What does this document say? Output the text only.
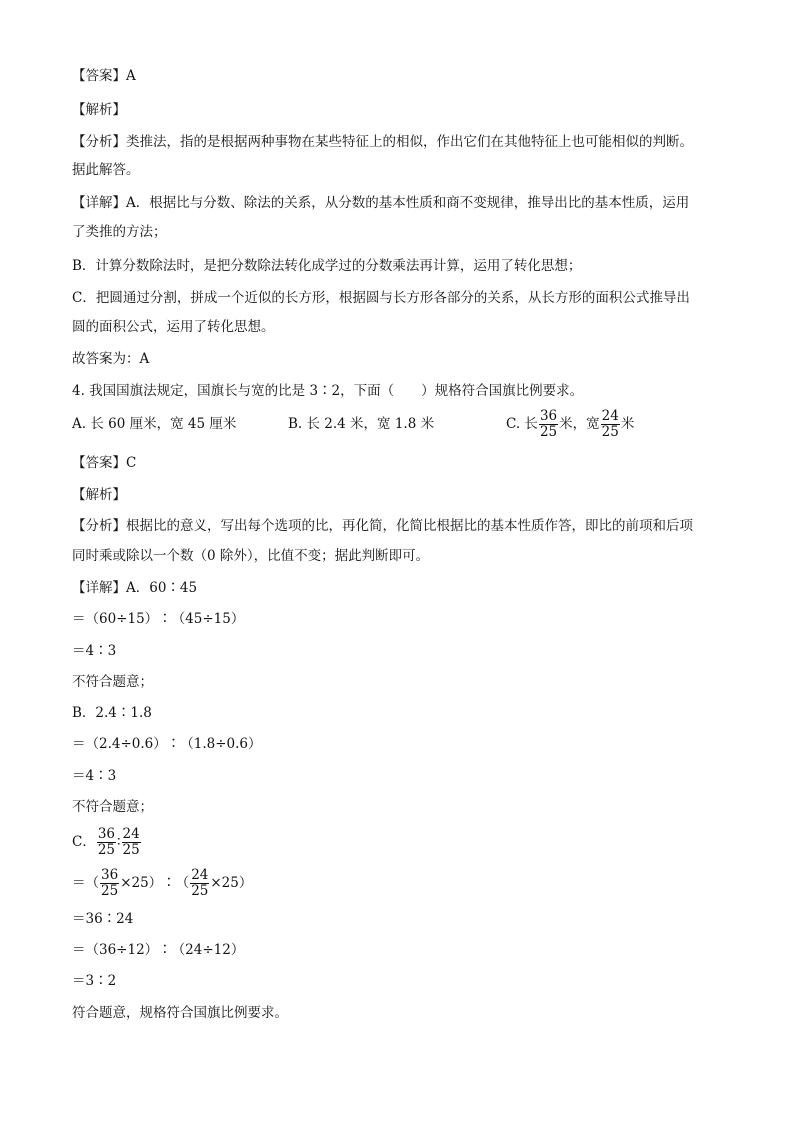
【答案】A
【解析】
【分析】类推法，指的是根据两种事物在某些特征上的相似，作出它们在其他特征上也可能相似的判断。
据此解答。
【详解】A．根据比与分数、除法的关系，从分数的基本性质和商不变规律，推导出比的基本性质，运用
了类推的方法；
B．计算分数除法时，是把分数除法转化成学过的分数乘法再计算，运用了转化思想；
C．把圆通过分割，拼成一个近似的长方形，根据圆与长方形各部分的关系，从长方形的面积公式推导出
圆的面积公式，运用了转化思想。
故答案为：A
4. 我国国旗法规定，国旗长与宽的比是 3∶2，下面（　　）规格符合国旗比例要求。
A. 长 60 厘米，宽 45 厘米	B. 长 2.4 米，宽 1.8 米	C. 长 $\frac{36}{25}$ 米，宽 $\frac{24}{25}$ 米
【答案】C
【解析】
【分析】根据比的意义，写出每个选项的比，再化简，化简比根据比的基本性质作答，即比的前项和后项
同时乘或除以一个数（0 除外），比值不变；据此判断即可。
【详解】A．60∶45
＝（60÷15）∶（45÷15）
＝4∶3
不符合题意；
B．2.4∶1.8
＝（2.4÷0.6）∶（1.8÷0.6）
＝4∶3
不符合题意；
C． $\frac{36}{25}$ ∶ $\frac{24}{25}$
＝（ $\frac{36}{25}$ ×25）∶（ $\frac{24}{25} \times 25$）
＝36∶24
＝（36÷12）∶（24÷12）
＝3∶2
符合题意，规格符合国旗比例要求。
